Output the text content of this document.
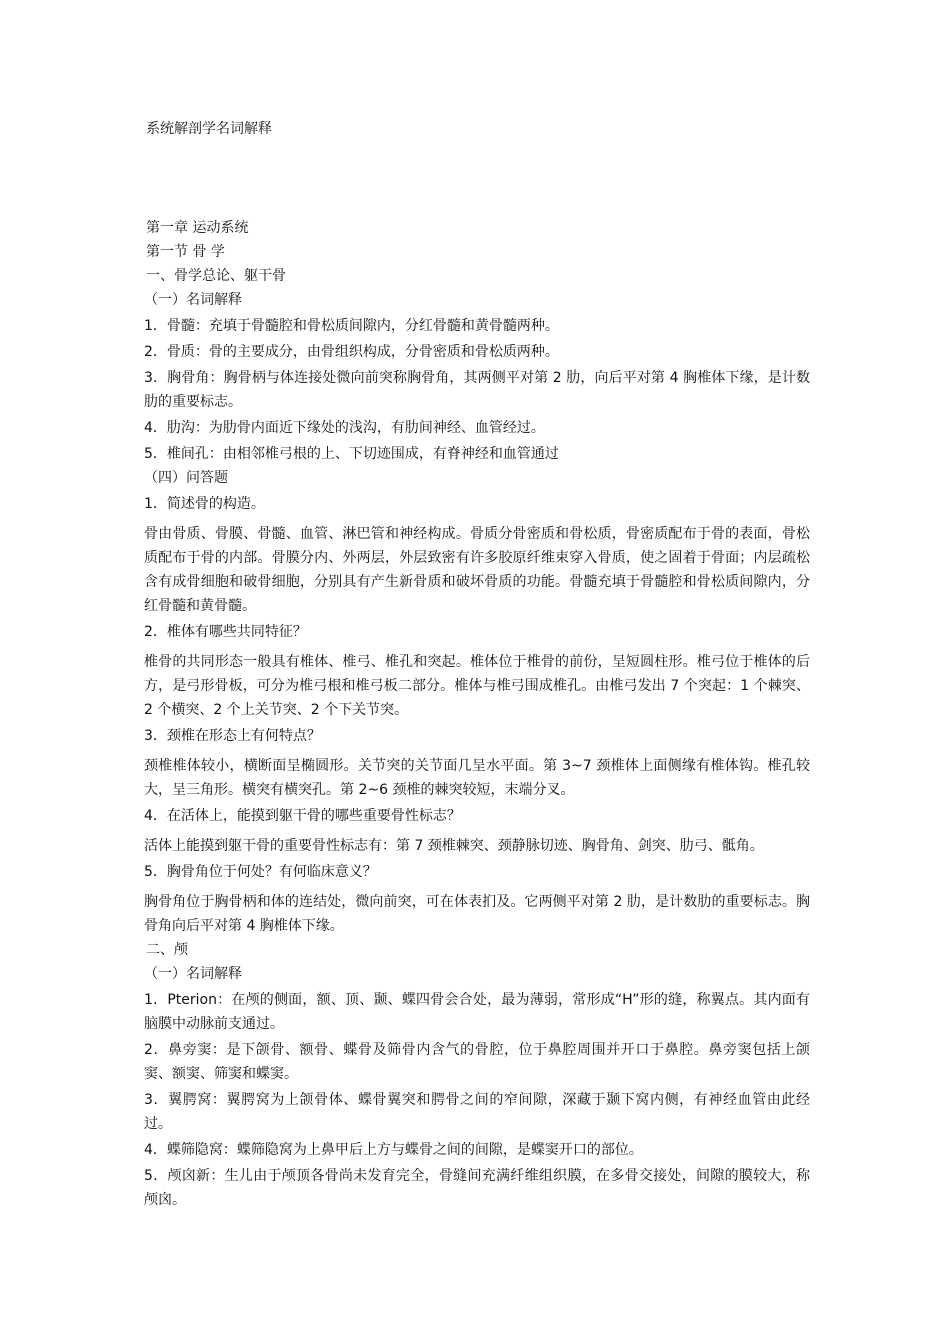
系统解剖学名词解释
第一章 运动系统
第一节 骨 学
一、骨学总论、躯干骨
（一）名词解释
1．骨髓：充填于骨髓腔和骨松质间隙内，分红骨髓和黄骨髓两种。
2．骨质：骨的主要成分，由骨组织构成，分骨密质和骨松质两种。
3．胸骨角：胸骨柄与体连接处微向前突称胸骨角，其两侧平对第 2 肋，向后平对第 4 胸椎体下缘，是计数肋的重要标志。
4．肋沟：为肋骨内面近下缘处的浅沟，有肋间神经、血管经过。
5．椎间孔：由相邻椎弓根的上、下切迹围成，有脊神经和血管通过
（四）问答题
1．简述骨的构造。
骨由骨质、骨膜、骨髓、血管、淋巴管和神经构成。骨质分骨密质和骨松质，骨密质配布于骨的表面，骨松质配布于骨的内部。骨膜分内、外两层，外层致密有许多胶原纤维束穿入骨质，使之固着于骨面；内层疏松含有成骨细胞和破骨细胞，分别具有产生新骨质和破坏骨质的功能。骨髓充填于骨髓腔和骨松质间隙内，分红骨髓和黄骨髓。
2．椎体有哪些共同特征？
椎骨的共同形态一般具有椎体、椎弓、椎孔和突起。椎体位于椎骨的前份，呈短圆柱形。椎弓位于椎体的后方，是弓形骨板，可分为椎弓根和椎弓板二部分。椎体与椎弓围成椎孔。由椎弓发出 7 个突起：1 个棘突、2 个横突、2 个上关节突、2 个下关节突。
3．颈椎在形态上有何特点？
颈椎椎体较小，横断面呈椭圆形。关节突的关节面几呈水平面。第 3~7 颈椎体上面侧缘有椎体钩。椎孔较大，呈三角形。横突有横突孔。第 2~6 颈椎的棘突较短，末端分叉。
4．在活体上，能摸到躯干骨的哪些重要骨性标志？
活体上能摸到躯干骨的重要骨性标志有：第 7 颈椎棘突、颈静脉切迹、胸骨角、剑突、肋弓、骶角。
5．胸骨角位于何处？有何临床意义？
胸骨角位于胸骨柄和体的连结处，微向前突，可在体表扪及。它两侧平对第 2 肋，是计数肋的重要标志。胸骨角向后平对第 4 胸椎体下缘。
二、颅
（一）名词解释
1．Pterion：在颅的侧面，额、顶、颞、蝶四骨会合处，最为薄弱，常形成“H”形的缝，称翼点。其内面有脑膜中动脉前支通过。
2．鼻旁窦：是下颌骨、额骨、蝶骨及筛骨内含气的骨腔，位于鼻腔周围并开口于鼻腔。鼻旁窦包括上颌窦、额窦、筛窦和蝶窦。
3．翼腭窝：翼腭窝为上颌骨体、蝶骨翼突和腭骨之间的窄间隙，深藏于颞下窝内侧，有神经血管由此经过。
4．蝶筛隐窝：蝶筛隐窝为上鼻甲后上方与蝶骨之间的间隙，是蝶窦开口的部位。
5．颅囟新：生儿由于颅顶各骨尚未发育完全，骨缝间充满纤维组织膜，在多骨交接处，间隙的膜较大，称颅囟。
